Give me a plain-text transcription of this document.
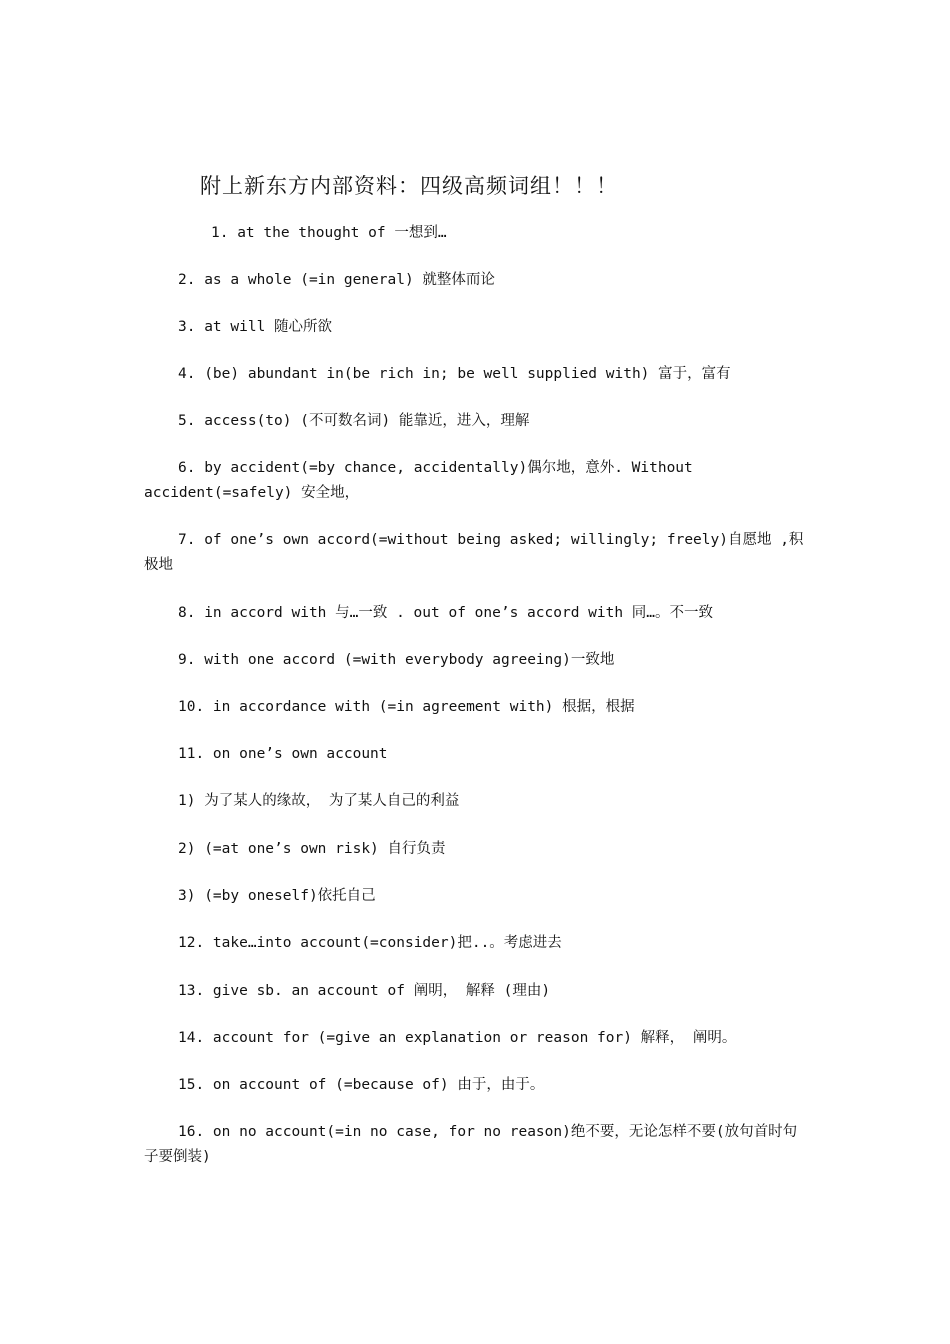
附上新东方内部资料：四级高频词组！！！
1. at the thought of 一想到…
2. as a whole (=in general) 就整体而论
3. at will 随心所欲
4. (be) abundant in(be rich in; be well supplied with) 富于，富有
5. access(to) (不可数名词) 能靠近，进入，理解
6. by accident(=by chance, accidentally)偶尔地，意外. Without accident(=safely) 安全地，
7. of one’s own accord(=without being asked; willingly; freely)自愿地 ,积极地
8. in accord with 与…一致 . out of one’s accord with 同…。不一致
9. with one accord (=with everybody agreeing)一致地
10. in accordance with (=in agreement with) 根据，根据
11. on one’s own account
1) 为了某人的缘故， 为了某人自己的利益
2) (=at one’s own risk) 自行负责
3) (=by oneself)依托自己
12. take…into account(=consider)把..。考虑进去
13. give sb. an account of 阐明， 解释 (理由)
14. account for (=give an explanation or reason for) 解释， 阐明。
15. on account of (=because of) 由于，由于。
16. on no account(=in no case, for no reason)绝不要，无论怎样不要(放句首时句子要倒装)
